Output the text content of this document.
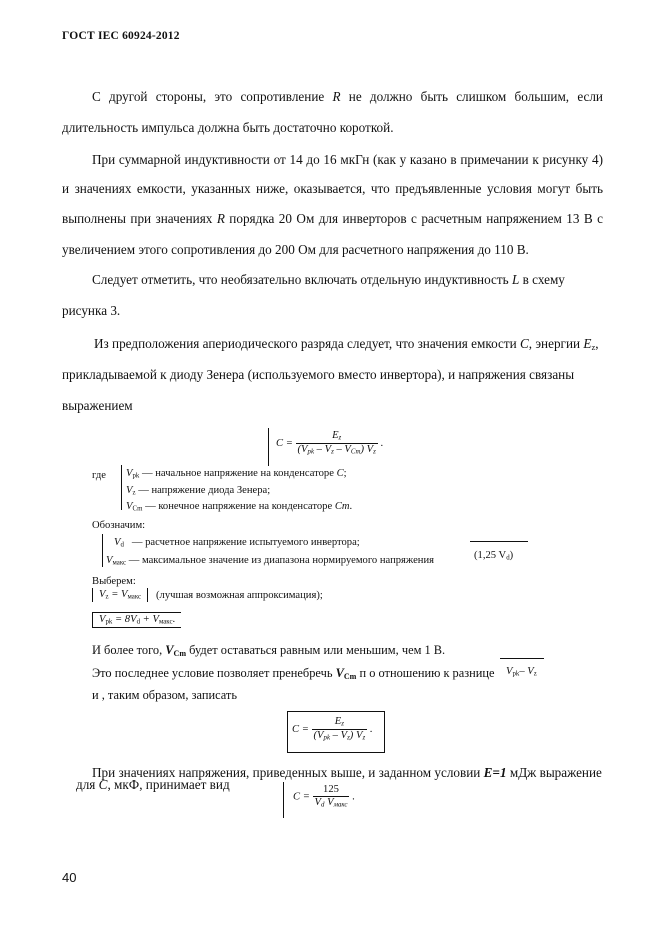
ГОСТ IEC 60924-2012
С другой стороны, это сопротивление R не должно быть слишком большим, если
длительность импульса должна быть достаточно короткой.
При суммарной индуктивности от 14 до 16 мкГн (как у казано в примечании к рисунку 4)
и значениях емкости, указанных ниже, оказывается, что предъявленные условия могут быть
выполнены при значениях R порядка 20 Ом для инверторов с расчетным напряжением 13 В с
увеличением этого сопротивления до 200 Ом для расчетного напряжения до 110 В.
Следует отметить, что необязательно включать отдельную индуктивность L в схему
рисунка 3.
Из предположения апериодического разряда следует, что значения емкости C, энергии $E_z$,
прикладываемой к диоду Зенера (используемого вместо инвертора), и напряжения связаны
выражением
$C = \frac{E_z}{(V_{pk} - V_z - V_{Cm}) V_z}$ .
где $V_{pk}$ — начальное напряжение на конденсаторе C;
$V_z$ — напряжение диода Зенера;
$V_{Cm}$ — конечное напряжение на конденсаторе Cm.
Обозначим:
$V_d$ — расчетное напряжение испытуемого инвертора;
$V_{макс}$ — максимальное значение из диапазона нормируемого напряжения	(1,25 $V_d$)
Выберем:
$V_z = V_{макс}$	(лучшая возможная аппроксимация);
$V_{pk} = 8V_d + V_{макс}$.
И более того, $V_{Cm}$ будет оставаться равным или меньшим, чем 1 В.
Это последнее условие позволяет пренебречь $V_{Cm}$ п о отношению к разнице $V_{pk}-$ $V_z$
и , таким образом, записать
$C = \frac{E_z}{(V_{pk} - V_z) V_z}$ .
При значениях напряжения, приведенных выше, и заданном условии E=1 мДж выражение
для C, мкФ, принимает вид
$C = \frac{125}{V_d V_{макс}}$ .
40
